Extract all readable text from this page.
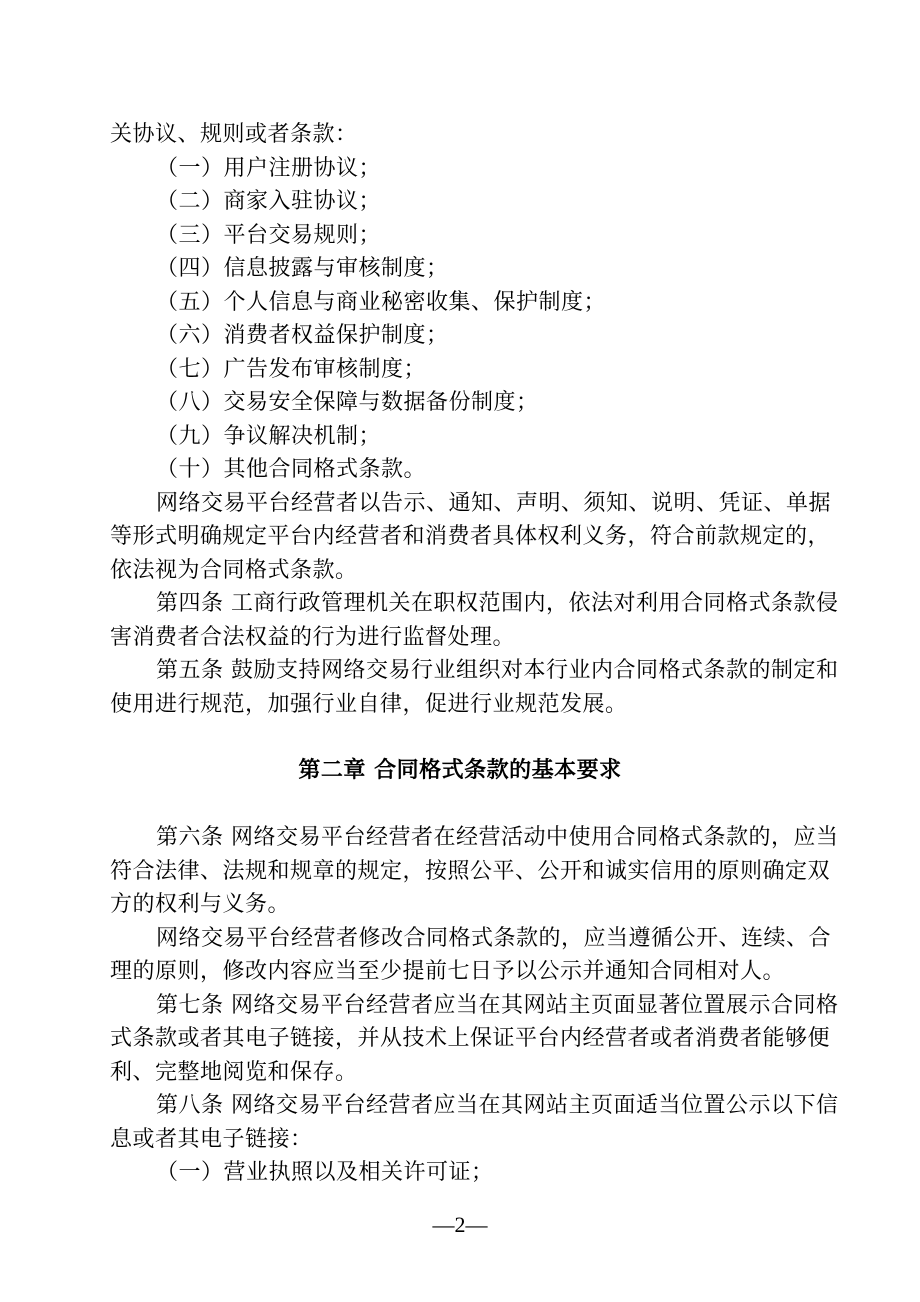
关协议、规则或者条款：
（一）用户注册协议；
（二）商家入驻协议；
（三）平台交易规则；
（四）信息披露与审核制度；
（五）个人信息与商业秘密收集、保护制度；
（六）消费者权益保护制度；
（七）广告发布审核制度；
（八）交易安全保障与数据备份制度；
（九）争议解决机制；
（十）其他合同格式条款。
网络交易平台经营者以告示、通知、声明、须知、说明、凭证、单据
等形式明确规定平台内经营者和消费者具体权利义务，符合前款规定的，
依法视为合同格式条款。
第四条 工商行政管理机关在职权范围内，依法对利用合同格式条款侵
害消费者合法权益的行为进行监督处理。
第五条 鼓励支持网络交易行业组织对本行业内合同格式条款的制定和
使用进行规范，加强行业自律，促进行业规范发展。
第二章 合同格式条款的基本要求
第六条 网络交易平台经营者在经营活动中使用合同格式条款的，应当
符合法律、法规和规章的规定，按照公平、公开和诚实信用的原则确定双
方的权利与义务。
网络交易平台经营者修改合同格式条款的，应当遵循公开、连续、合
理的原则，修改内容应当至少提前七日予以公示并通知合同相对人。
第七条 网络交易平台经营者应当在其网站主页面显著位置展示合同格
式条款或者其电子链接，并从技术上保证平台内经营者或者消费者能够便
利、完整地阅览和保存。
第八条 网络交易平台经营者应当在其网站主页面适当位置公示以下信
息或者其电子链接：
（一）营业执照以及相关许可证；
—2—
